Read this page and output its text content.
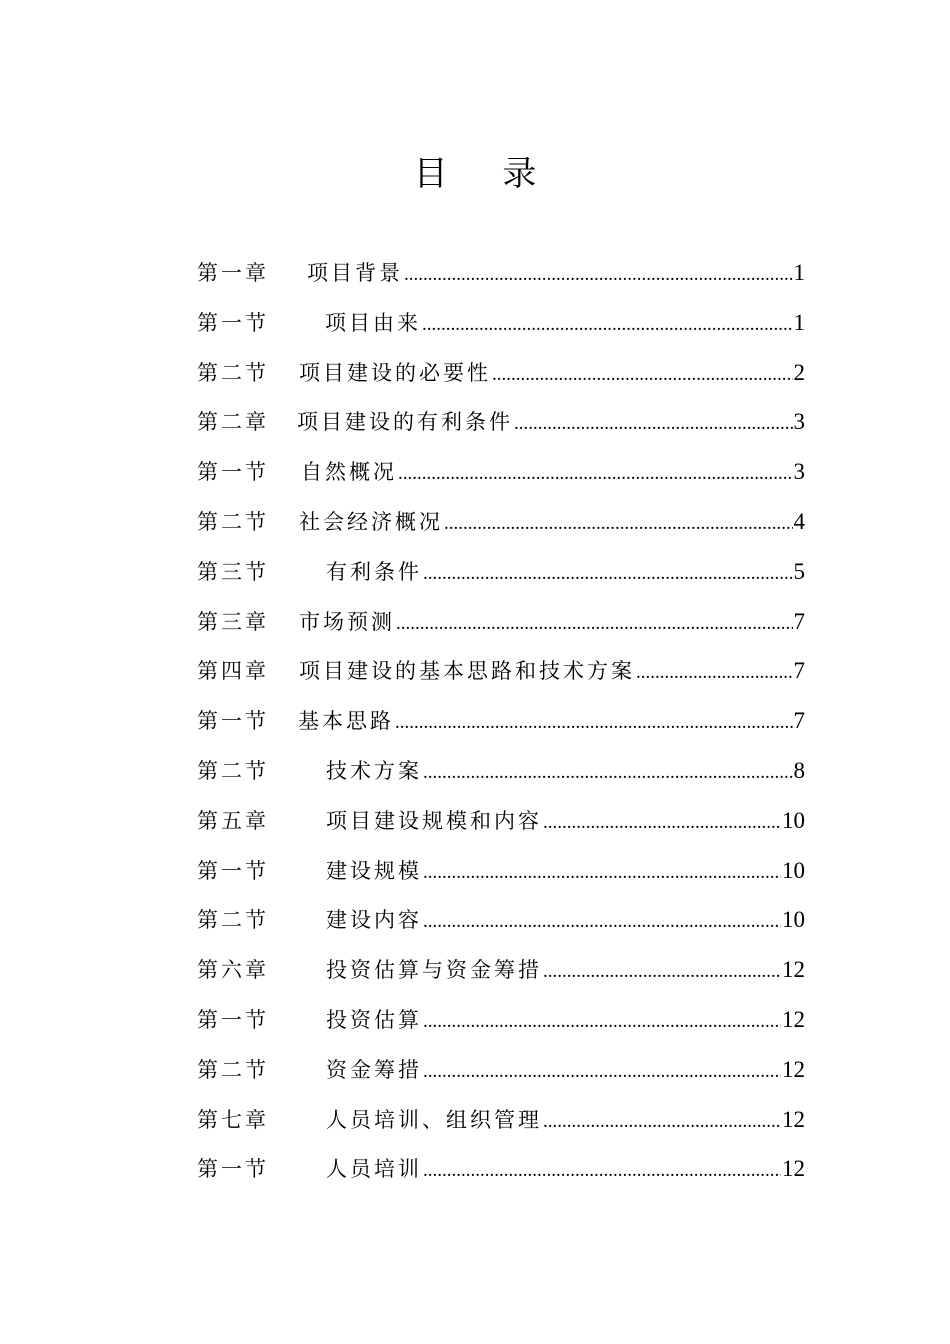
目 录
第一章 项目背景 .....	1
第一节	项目由来 .....	1
第二节 项目建设的必要性 .....	2
第二章 项目建设的有利条件 .....	3
第一节 自然概况 .....	3
第二节 社会经济概况 .....	4
第三节	有利条件 .....	5
第三章 市场预测 .....	7
第四章 项目建设的基本思路和技术方案 .....	7
第一节 基本思路 .....	7
第二节	技术方案 .....	8
第五章	项目建设规模和内容 .....	10
第一节	建设规模 .....	10
第二节	建设内容 .....	10
第六章	投资估算与资金筹措 .....	12
第一节	投资估算 .....	12
第二节	资金筹措 .....	12
第七章	人员培训、组织管理 .....	12
第一节	人员培训 .....	12
